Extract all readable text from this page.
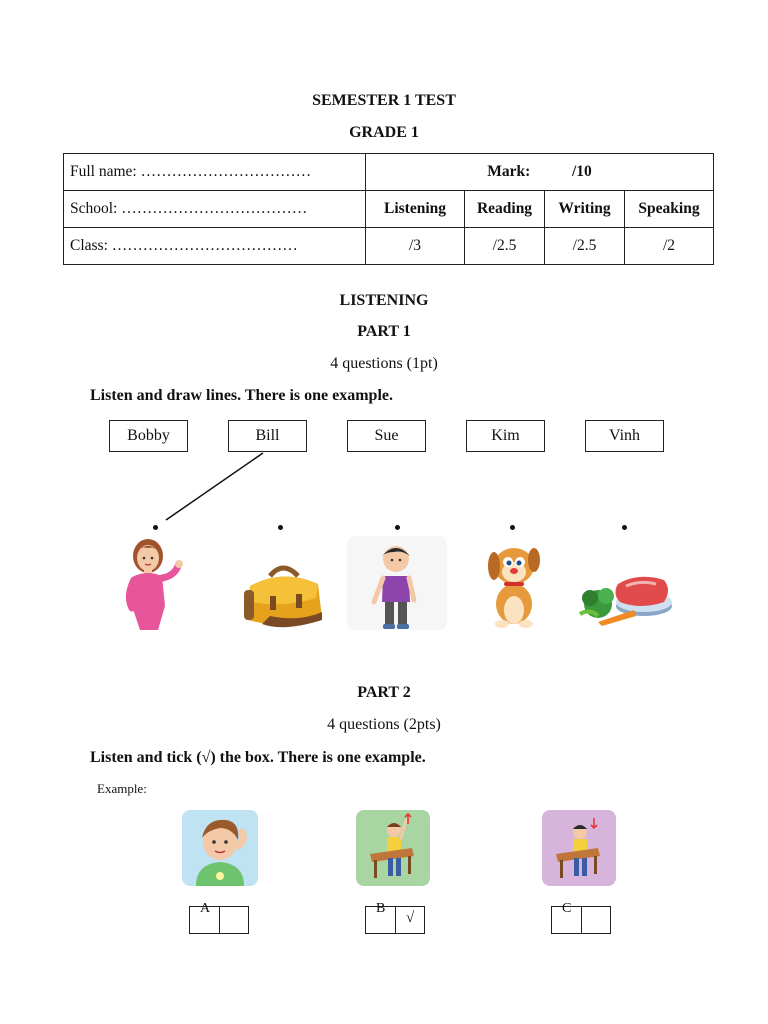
SEMESTER 1 TEST
GRADE 1
Full name: ……………………………	Mark: /10			
School: ………………………………	Listening	Reading	Writing	Speaking
Class: ………………………………	/3	/2.5	/2.5	/2
LISTENING
PART 1
4 questions (1pt)
Listen and draw lines. There is one example.
Bobby	Bill	Sue	Kim	Vinh
PART 2
4 questions (2pts)
Listen and tick (√) the box. There is one example.
Example:
A	B
√
C
